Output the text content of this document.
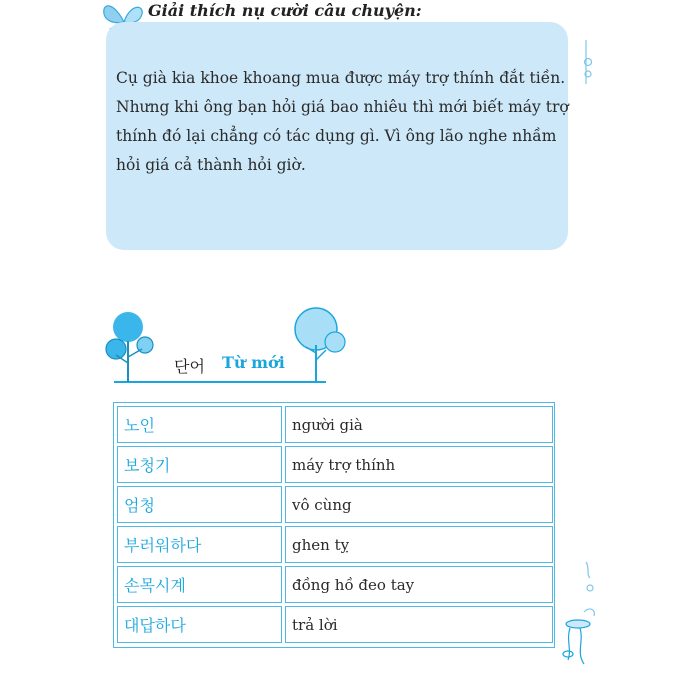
Giải thích nụ cười câu chuyện:
Cụ già kia khoe khoang mua được máy trợ thính đắt tiền.
Nhưng khi ông bạn hỏi giá bao nhiêu thì mới biết máy trợ
thính đó lại chẳng có tác dụng gì. Vì ông lão nghe nhầm
hỏi giá cả thành hỏi giờ.
단어 Từ mới
노인	người già
보청기	máy trợ thính
엄청	vô cùng
부러워하다	ghen tỵ
손목시계	đồng hồ đeo tay
대답하다	trả lời
